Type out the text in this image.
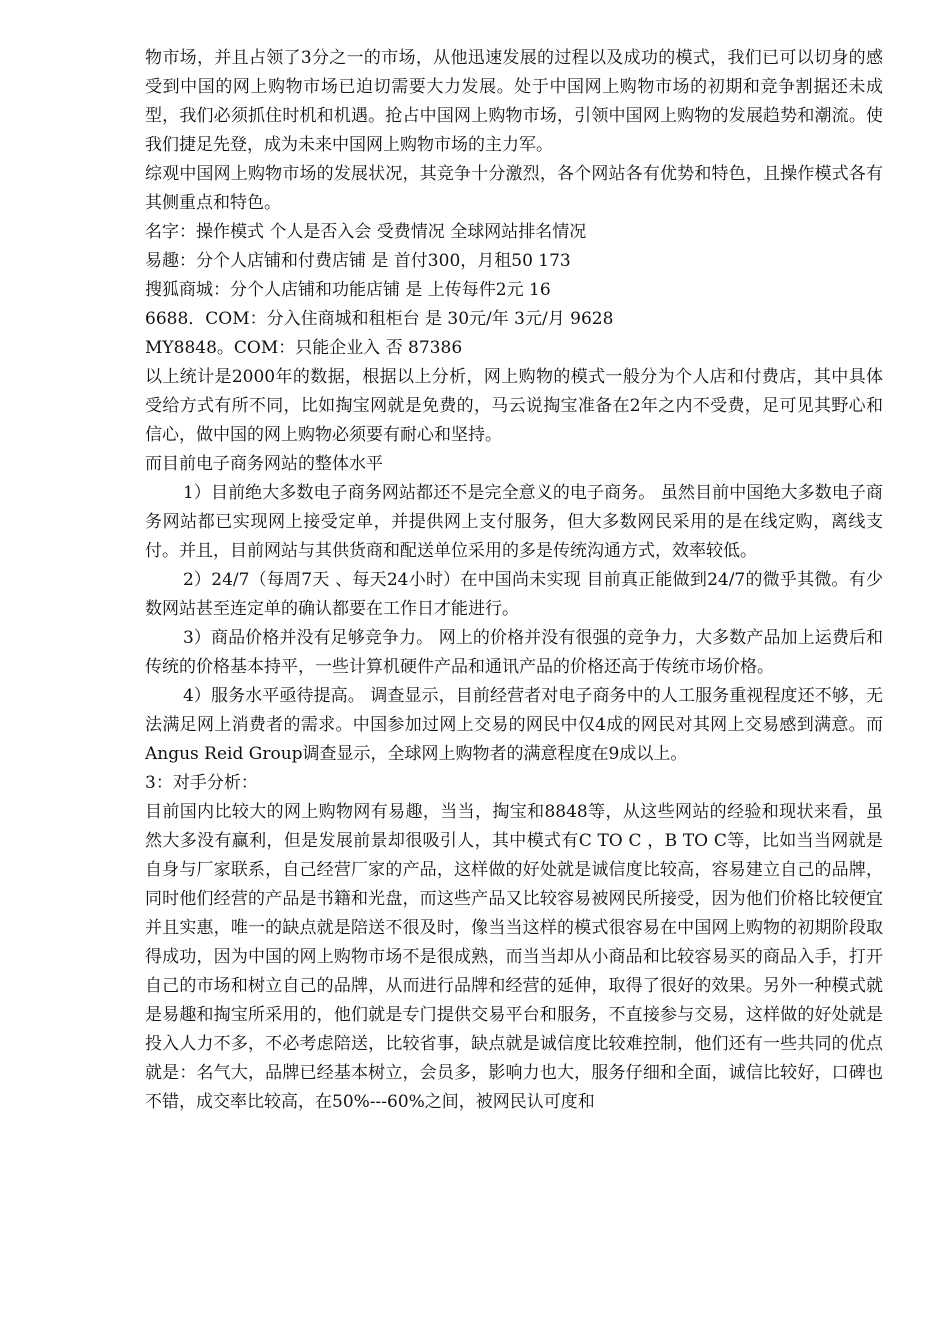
物市场，并且占领了3分之一的市场，从他迅速发展的过程以及成功的模式，我们已可以切身的感受到中国的网上购物市场已迫切需要大力发展。处于中国网上购物市场的初期和竞争割据还未成型，我们必须抓住时机和机遇。抢占中国网上购物市场，引领中国网上购物的发展趋势和潮流。使我们捷足先登，成为未来中国网上购物市场的主力军。

综观中国网上购物市场的发展状况，其竞争十分激烈，各个网站各有优势和特色，且操作模式各有其侧重点和特色。

名字：操作模式 个人是否入会 受费情况 全球网站排名情况

易趣：分个人店铺和付费店铺 是 首付300，月租50 173

搜狐商城：分个人店铺和功能店铺 是 上传每件2元 16

6688．COM：分入住商城和租柜台 是 30元/年 3元/月 9628

MY8848。COM：只能企业入 否 87386

以上统计是2000年的数据，根据以上分析，网上购物的模式一般分为个人店和付费店，其中具体受给方式有所不同，比如掏宝网就是免费的，马云说掏宝准备在2年之内不受费，足可见其野心和信心，做中国的网上购物必须要有耐心和坚持。

而目前电子商务网站的整体水平

1）目前绝大多数电子商务网站都还不是完全意义的电子商务。 虽然目前中国绝大多数电子商务网站都已实现网上接受定单，并提供网上支付服务，但大多数网民采用的是在线定购，离线支付。并且，目前网站与其供货商和配送单位采用的多是传统沟通方式，效率较低。

2）24/7（每周7天 、每天24小时）在中国尚未实现 目前真正能做到24/7的微乎其微。有少数网站甚至连定单的确认都要在工作日才能进行。

3）商品价格并没有足够竞争力。 网上的价格并没有很强的竞争力，大多数产品加上运费后和传统的价格基本持平，一些计算机硬件产品和通讯产品的价格还高于传统市场价格。

4）服务水平亟待提高。 调查显示，目前经营者对电子商务中的人工服务重视程度还不够，无法满足网上消费者的需求。中国参加过网上交易的网民中仅4成的网民对其网上交易感到满意。而Angus Reid Group调查显示，全球网上购物者的满意程度在9成以上。

3：对手分析：

目前国内比较大的网上购物网有易趣，当当，掏宝和8848等，从这些网站的经验和现状来看，虽然大多没有赢利，但是发展前景却很吸引人，其中模式有C TO C ，B TO C等，比如当当网就是自身与厂家联系，自己经营厂家的产品，这样做的好处就是诚信度比较高，容易建立自己的品牌，同时他们经营的产品是书籍和光盘，而这些产品又比较容易被网民所接受，因为他们价格比较便宜并且实惠，唯一的缺点就是陪送不很及时，像当当这样的模式很容易在中国网上购物的初期阶段取得成功，因为中国的网上购物市场不是很成熟，而当当却从小商品和比较容易买的商品入手，打开自己的市场和树立自己的品牌，从而进行品牌和经营的延伸，取得了很好的效果。另外一种模式就是易趣和掏宝所采用的，他们就是专门提供交易平台和服务，不直接参与交易，这样做的好处就是投入人力不多，不必考虑陪送，比较省事，缺点就是诚信度比较难控制，他们还有一些共同的优点就是：名气大，品牌已经基本树立，会员多，影响力也大，服务仔细和全面，诚信比较好，口碑也不错，成交率比较高，在50%---60%之间，被网民认可度和
